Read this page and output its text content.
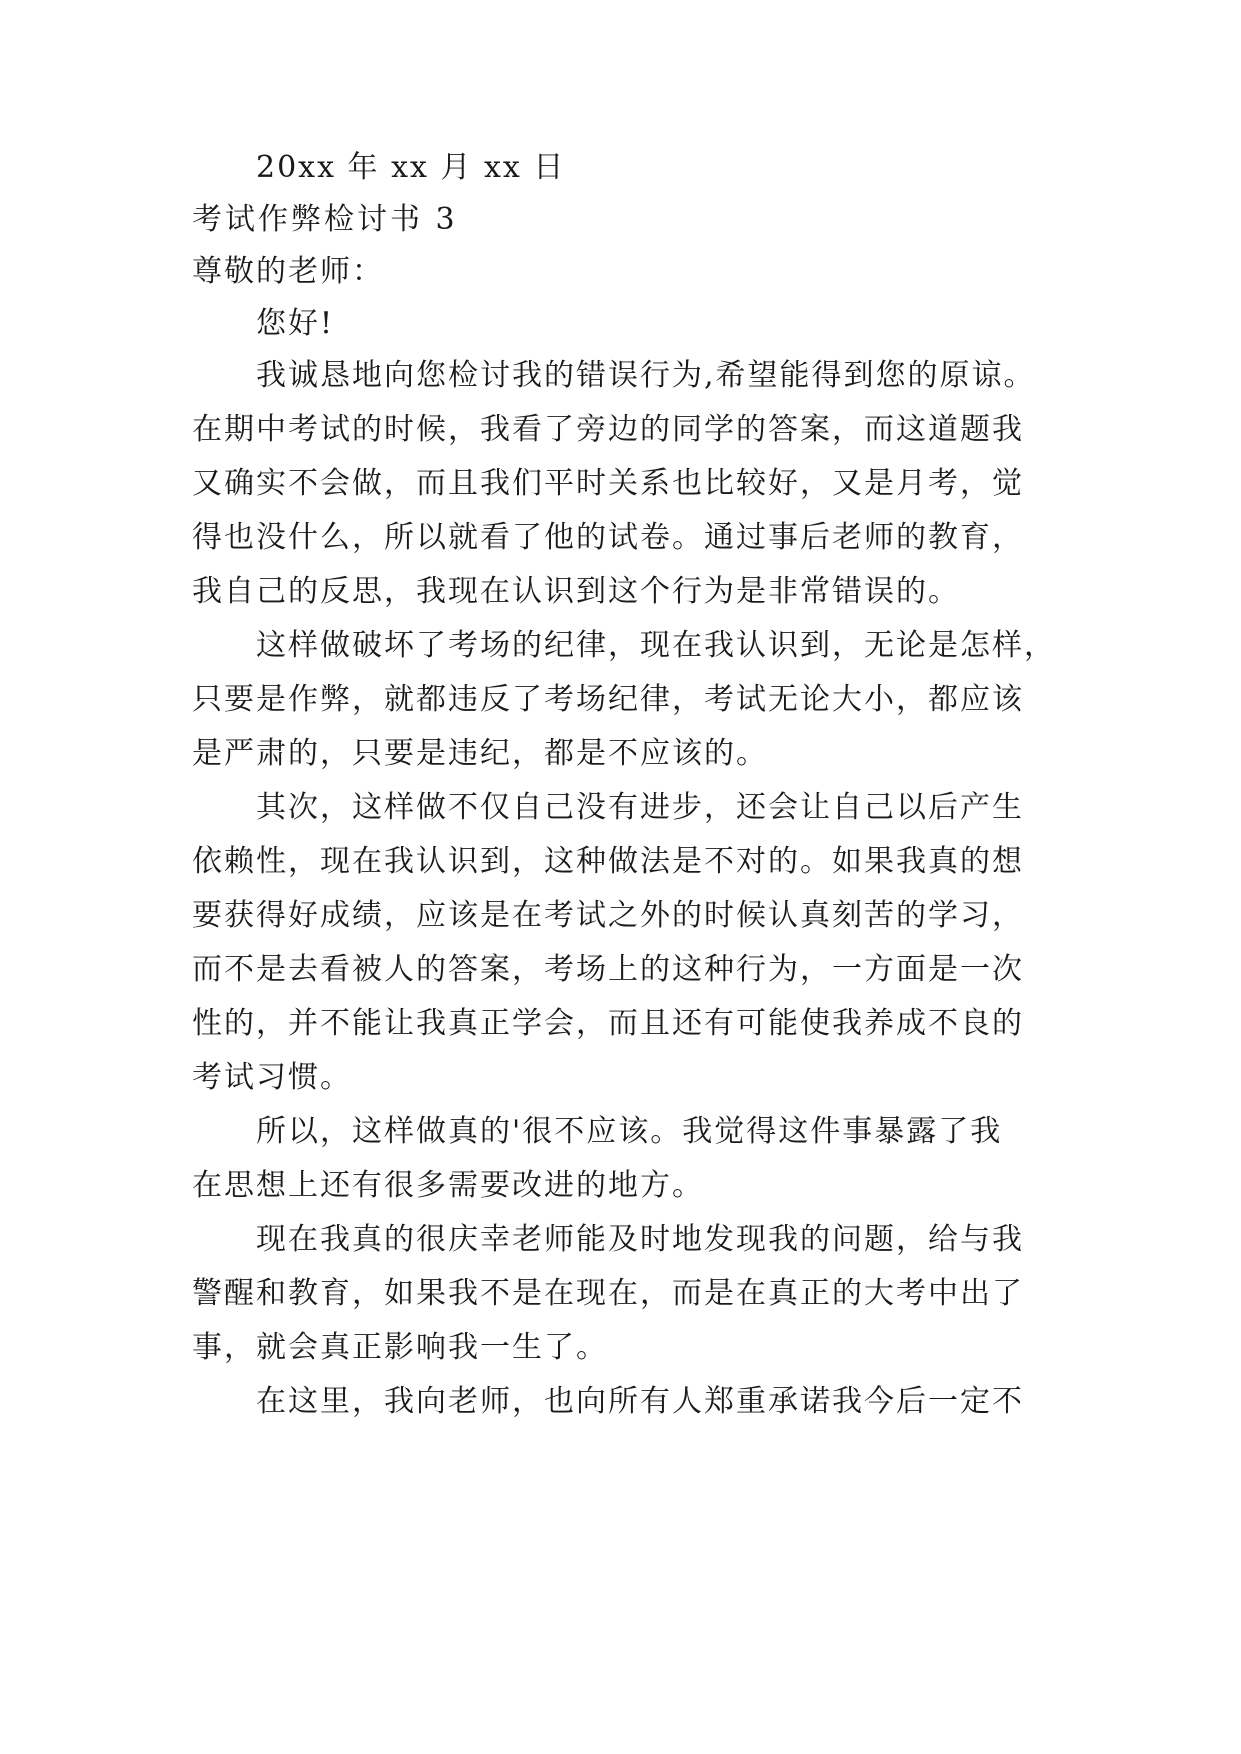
20xx 年 xx 月 xx 日
考试作弊检讨书 3
尊敬的老师：
您好!
我诚恳地向您检讨我的错误行为,希望能得到您的原谅。
在期中考试的时候，我看了旁边的同学的答案，而这道题我
又确实不会做，而且我们平时关系也比较好，又是月考，觉
得也没什么，所以就看了他的试卷。通过事后老师的教育，
我自己的反思，我现在认识到这个行为是非常错误的。
这样做破坏了考场的纪律，现在我认识到，无论是怎样，
只要是作弊，就都违反了考场纪律，考试无论大小，都应该
是严肃的，只要是违纪，都是不应该的。
其次，这样做不仅自己没有进步，还会让自己以后产生
依赖性，现在我认识到，这种做法是不对的。如果我真的想
要获得好成绩，应该是在考试之外的时候认真刻苦的学习，
而不是去看被人的答案，考场上的这种行为，一方面是一次
性的，并不能让我真正学会，而且还有可能使我养成不良的
考试习惯。
所以，这样做真的'很不应该。我觉得这件事暴露了我
在思想上还有很多需要改进的地方。
现在我真的很庆幸老师能及时地发现我的问题，给与我
警醒和教育，如果我不是在现在，而是在真正的大考中出了
事，就会真正影响我一生了。
在这里，我向老师，也向所有人郑重承诺我今后一定不
